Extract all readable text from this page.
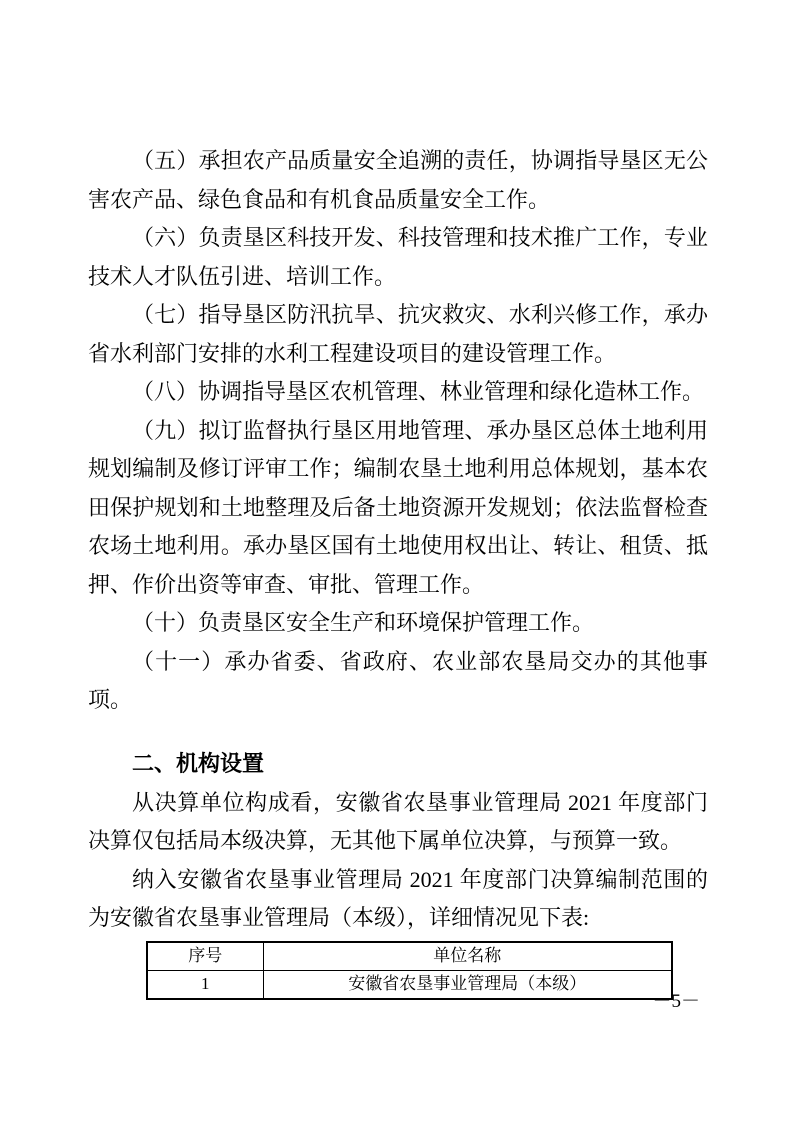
（五）承担农产品质量安全追溯的责任，协调指导垦区无公害农产品、绿色食品和有机食品质量安全工作。

（六）负责垦区科技开发、科技管理和技术推广工作，专业技术人才队伍引进、培训工作。

（七）指导垦区防汛抗旱、抗灾救灾、水利兴修工作，承办省水利部门安排的水利工程建设项目的建设管理工作。

（八）协调指导垦区农机管理、林业管理和绿化造林工作。

（九）拟订监督执行垦区用地管理、承办垦区总体土地利用规划编制及修订评审工作；编制农垦土地利用总体规划，基本农田保护规划和土地整理及后备土地资源开发规划；依法监督检查农场土地利用。承办垦区国有土地使用权出让、转让、租赁、抵押、作价出资等审查、审批、管理工作。

（十）负责垦区安全生产和环境保护管理工作。

（十一）承办省委、省政府、农业部农垦局交办的其他事项。

二、机构设置

从决算单位构成看，安徽省农垦事业管理局 2021 年度部门决算仅包括局本级决算，无其他下属单位决算，与预算一致。

纳入安徽省农垦事业管理局 2021 年度部门决算编制范围的为安徽省农垦事业管理局（本级），详细情况见下表:

序号	单位名称
1	安徽省农垦事业管理局（本级）
－5－
